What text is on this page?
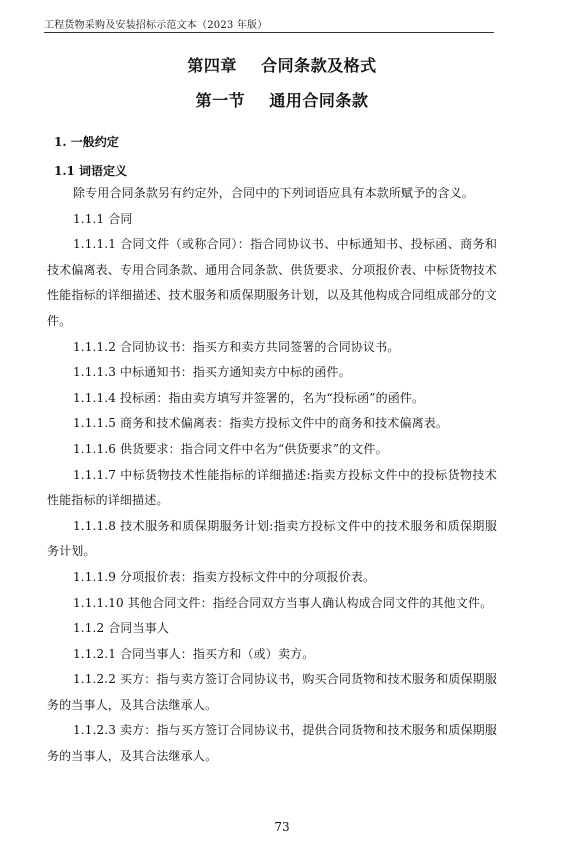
工程货物采购及安装招标示范文本（2023 年版）
第四章    合同条款及格式
第一节    通用合同条款
1. 一般约定
1.1 词语定义

除专用合同条款另有约定外，合同中的下列词语应具有本款所赋予的含义。

1.1.1 合同

1.1.1.1 合同文件（或称合同）：指合同协议书、中标通知书、投标函、商务和技术偏离表、专用合同条款、通用合同条款、供货要求、分项报价表、中标货物技术性能指标的详细描述、技术服务和质保期服务计划，以及其他构成合同组成部分的文件。

1.1.1.2 合同协议书：指买方和卖方共同签署的合同协议书。

1.1.1.3 中标通知书：指买方通知卖方中标的函件。

1.1.1.4 投标函：指由卖方填写并签署的，名为“投标函”的函件。

1.1.1.5 商务和技术偏离表：指卖方投标文件中的商务和技术偏离表。

1.1.1.6 供货要求：指合同文件中名为“供货要求”的文件。

1.1.1.7 中标货物技术性能指标的详细描述:指卖方投标文件中的投标货物技术性能指标的详细描述。

1.1.1.8 技术服务和质保期服务计划:指卖方投标文件中的技术服务和质保期服务计划。

1.1.1.9 分项报价表：指卖方投标文件中的分项报价表。

1.1.1.10 其他合同文件：指经合同双方当事人确认构成合同文件的其他文件。

1.1.2 合同当事人

1.1.2.1 合同当事人：指买方和（或）卖方。

1.1.2.2 买方：指与卖方签订合同协议书，购买合同货物和技术服务和质保期服务的当事人，及其合法继承人。

1.1.2.3 卖方：指与买方签订合同协议书，提供合同货物和技术服务和质保期服务的当事人，及其合法继承人。

73
